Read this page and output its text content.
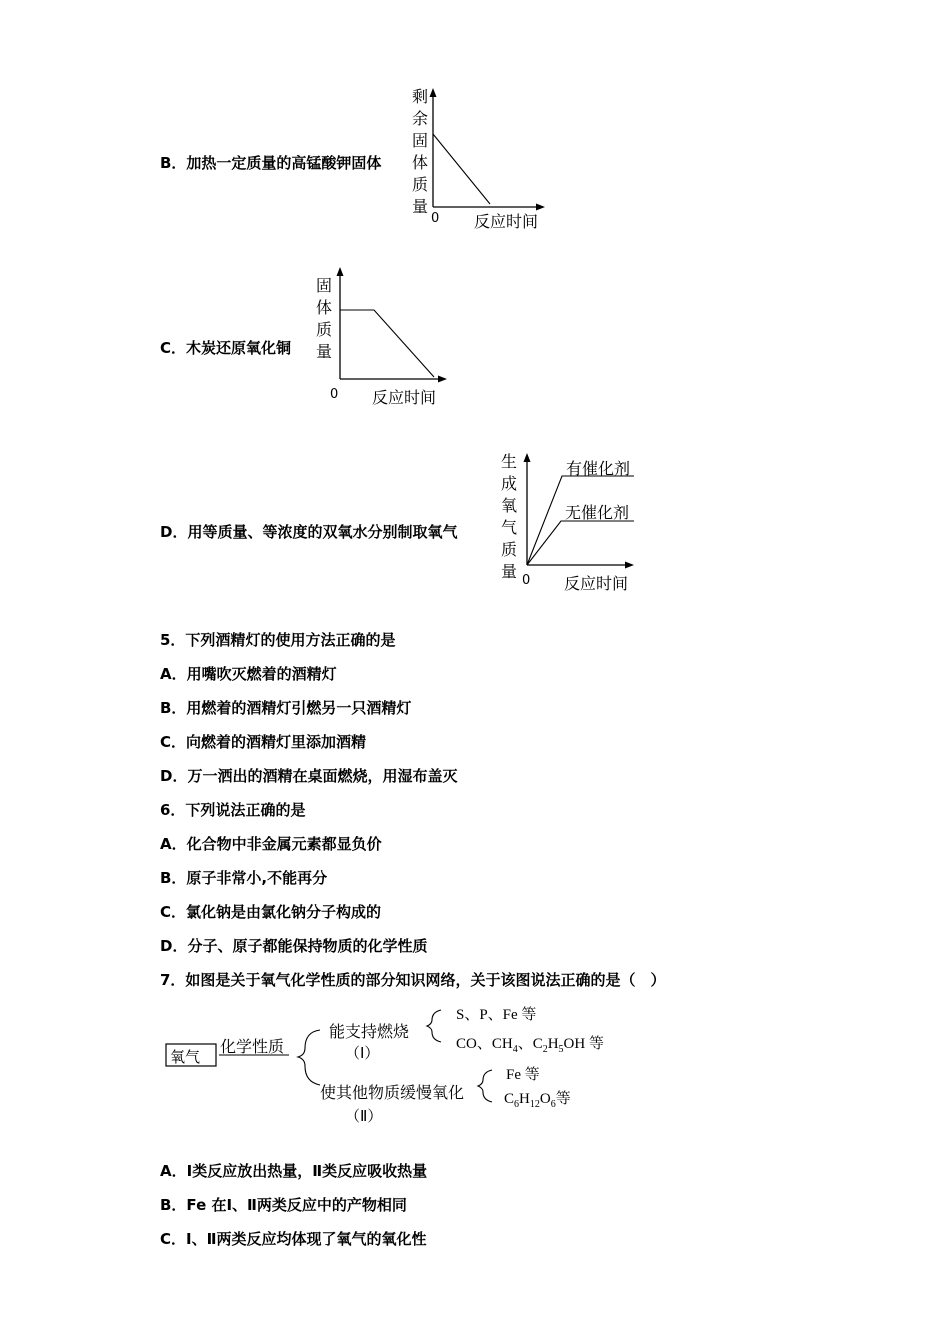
B．加热一定质量的高锰酸钾固体
剩
余
固
体
质
量
0 反应时间
C．木炭还原氧化铜
固
体
质
量
0 反应时间
D．用等质量、等浓度的双氧水分别制取氧气
生
成
氧
气
质
量
有催化剂
无催化剂
0 反应时间
5．下列酒精灯的使用方法正确的是
A．用嘴吹灭燃着的酒精灯
B．用燃着的酒精灯引燃另一只酒精灯
C．向燃着的酒精灯里添加酒精
D．万一洒出的酒精在桌面燃烧，用湿布盖灭
6．下列说法正确的是
A．化合物中非金属元素都显负价
B．原子非常小,不能再分
C．氯化钠是由氯化钠分子构成的
D．分子、原子都能保持物质的化学性质
7．如图是关于氧气化学性质的部分知识网络，关于该图说法正确的是（　）
氧气
化学性质
能支持燃烧
（Ⅰ）
S、P、Fe 等
CO、$CH_4$、$C_2H_5OH$ 等
使其他物质缓慢氧化
（Ⅱ）
Fe 等
$C_6H_{12}O_6$等
A．Ⅰ类反应放出热量，Ⅱ类反应吸收热量
B．Fe 在Ⅰ、Ⅱ两类反应中的产物相同
C．Ⅰ、Ⅱ两类反应均体现了氧气的氧化性
